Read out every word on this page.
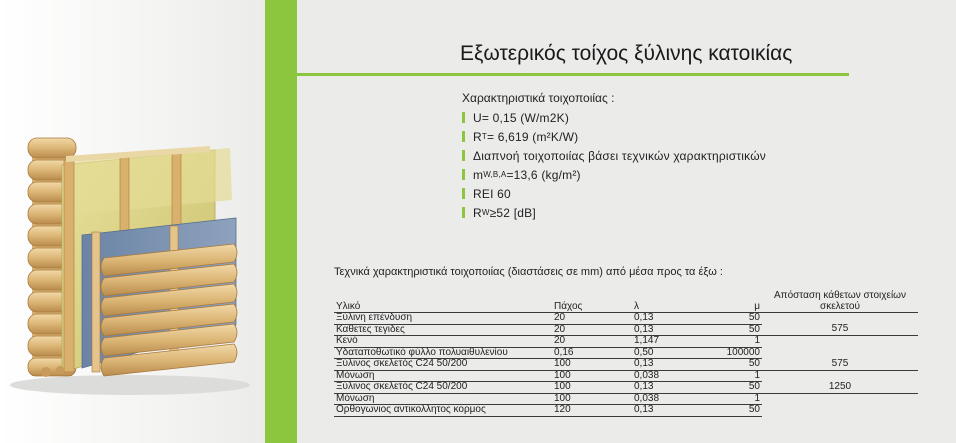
Εξωτερικός τοίχος ξύλινης κατοικίας
Χαρακτηριστικά τοιχοποιίας :
U= 0,15 (W/m2K)
R T = 6,619 (m²K/W)
Διαπνοή τοιχοποιίας βάσει τεχνικών χαρακτηριστικών
m W,B,A =13,6 (kg/m²)
REI 60
R W ≥52 [dB]
Τεχνικά χαρακτηριστικά τοιχοποιίας (διαστάσεις σε mm) από μέσα προς τα έξω :
Υλικό	Πάχος	λ	μ	Απόσταση κάθετων στοιχείων σκελετού
Ξύλινη επένδυση	20	0,13	50	
Καθετες τεγιδες	20	0,13	50	575
Κενό	20	1,147	1	
Υδαταποθωτικό φύλλο πολυαιθυλενίου	0,16	0,50	100000	
Ξύλινος σκελετός C24 50/200	100	0,13	50	575
Μόνωση	100	0,038	1	
Ξύλινος σκελετός C24 50/200	100	0,13	50	1250
Μόνωση	100	0,038	1	
Ορθογωνιος αντικολλητος κορμος	120	0,13	50	
